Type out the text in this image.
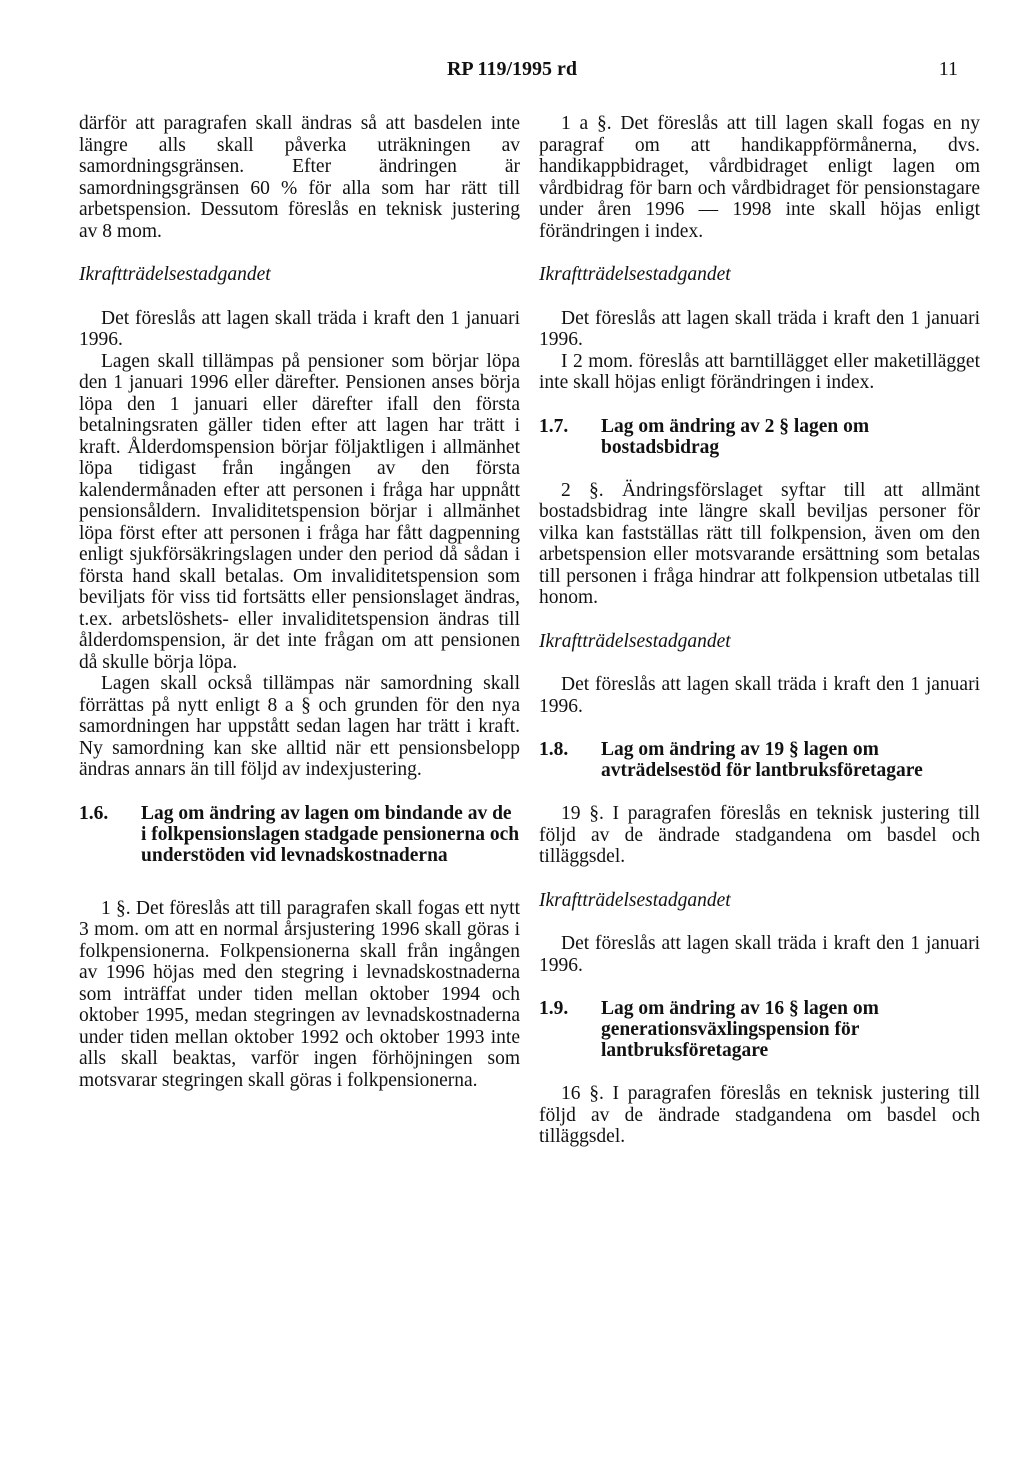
RP 119/1995 rd	11

därför att paragrafen skall ändras så att basdelen inte längre alls skall påverka uträkningen av samordningsgränsen. Efter ändringen är samordningsgränsen 60 % för alla som har rätt till arbetspension. Dessutom föreslås en teknisk justering av 8 mom.

Ikraftträdelsestadgandet

Det föreslås att lagen skall träda i kraft den 1 januari 1996.

Lagen skall tillämpas på pensioner som börjar löpa den 1 januari 1996 eller därefter. Pensionen anses börja löpa den 1 januari eller därefter ifall den första betalningsraten gäller tiden efter att lagen har trätt i kraft. Ålderdomspension börjar följaktligen i allmänhet löpa tidigast från ingången av den första kalendermånaden efter att personen i fråga har uppnått pensionsåldern. Invaliditetspension börjar i allmänhet löpa först efter att personen i fråga har fått dagpenning enligt sjukförsäkringslagen under den period då sådan i första hand skall betalas. Om invaliditetspension som beviljats för viss tid fortsätts eller pensionslaget ändras, t.ex. arbetslöshets- eller invaliditetspension ändras till ålderdomspension, är det inte frågan om att pensionen då skulle börja löpa.

Lagen skall också tillämpas när samordning skall förrättas på nytt enligt 8 a § och grunden för den nya samordningen har uppstått sedan lagen har trätt i kraft. Ny samordning kan ske alltid när ett pensionsbelopp ändras annars än till följd av indexjustering.

1.6.	Lag om ändring av lagen om bindande av de i folkpensionslagen stadgade pensionerna och understöden vid levnadskostnaderna

1 §. Det föreslås att till paragrafen skall fogas ett nytt 3 mom. om att en normal årsjustering 1996 skall göras i folkpensionerna. Folkpensionerna skall från ingången av 1996 höjas med den stegring i levnadskostnaderna som inträffat under tiden mellan oktober 1994 och oktober 1995, medan stegringen av levnadskostnaderna under tiden mellan oktober 1992 och oktober 1993 inte alls skall beaktas, varför ingen förhöjningen som motsvarar stegringen skall göras i folkpensionerna.

1 a §. Det föreslås att till lagen skall fogas en ny paragraf om att handikappförmånerna, dvs. handikappbidraget, vårdbidraget enligt lagen om vårdbidrag för barn och vårdbidraget för pensionstagare under åren 1996 — 1998 inte skall höjas enligt förändringen i index.

Ikraftträdelsestadgandet

Det föreslås att lagen skall träda i kraft den 1 januari 1996.

I 2 mom. föreslås att barntillägget eller maketillägget inte skall höjas enligt förändringen i index.

1.7.	Lag om ändring av 2 § lagen om bostadsbidrag

2 §. Ändringsförslaget syftar till att allmänt bostadsbidrag inte längre skall beviljas personer för vilka kan fastställas rätt till folkpension, även om den arbetspension eller motsvarande ersättning som betalas till personen i fråga hindrar att folkpension utbetalas till honom.

Ikraftträdelsestadgandet

Det föreslås att lagen skall träda i kraft den 1 januari 1996.

1.8.	Lag om ändring av 19 § lagen om avträdelsestöd för lantbruksföretagare

19 §. I paragrafen föreslås en teknisk justering till följd av de ändrade stadgandena om basdel och tilläggsdel.

Ikraftträdelsestadgandet

Det föreslås att lagen skall träda i kraft den 1 januari 1996.

1.9.	Lag om ändring av 16 § lagen om generationsväxlingspension för lantbruksföretagare

16 §. I paragrafen föreslås en teknisk justering till följd av de ändrade stadgandena om basdel och tilläggsdel.
